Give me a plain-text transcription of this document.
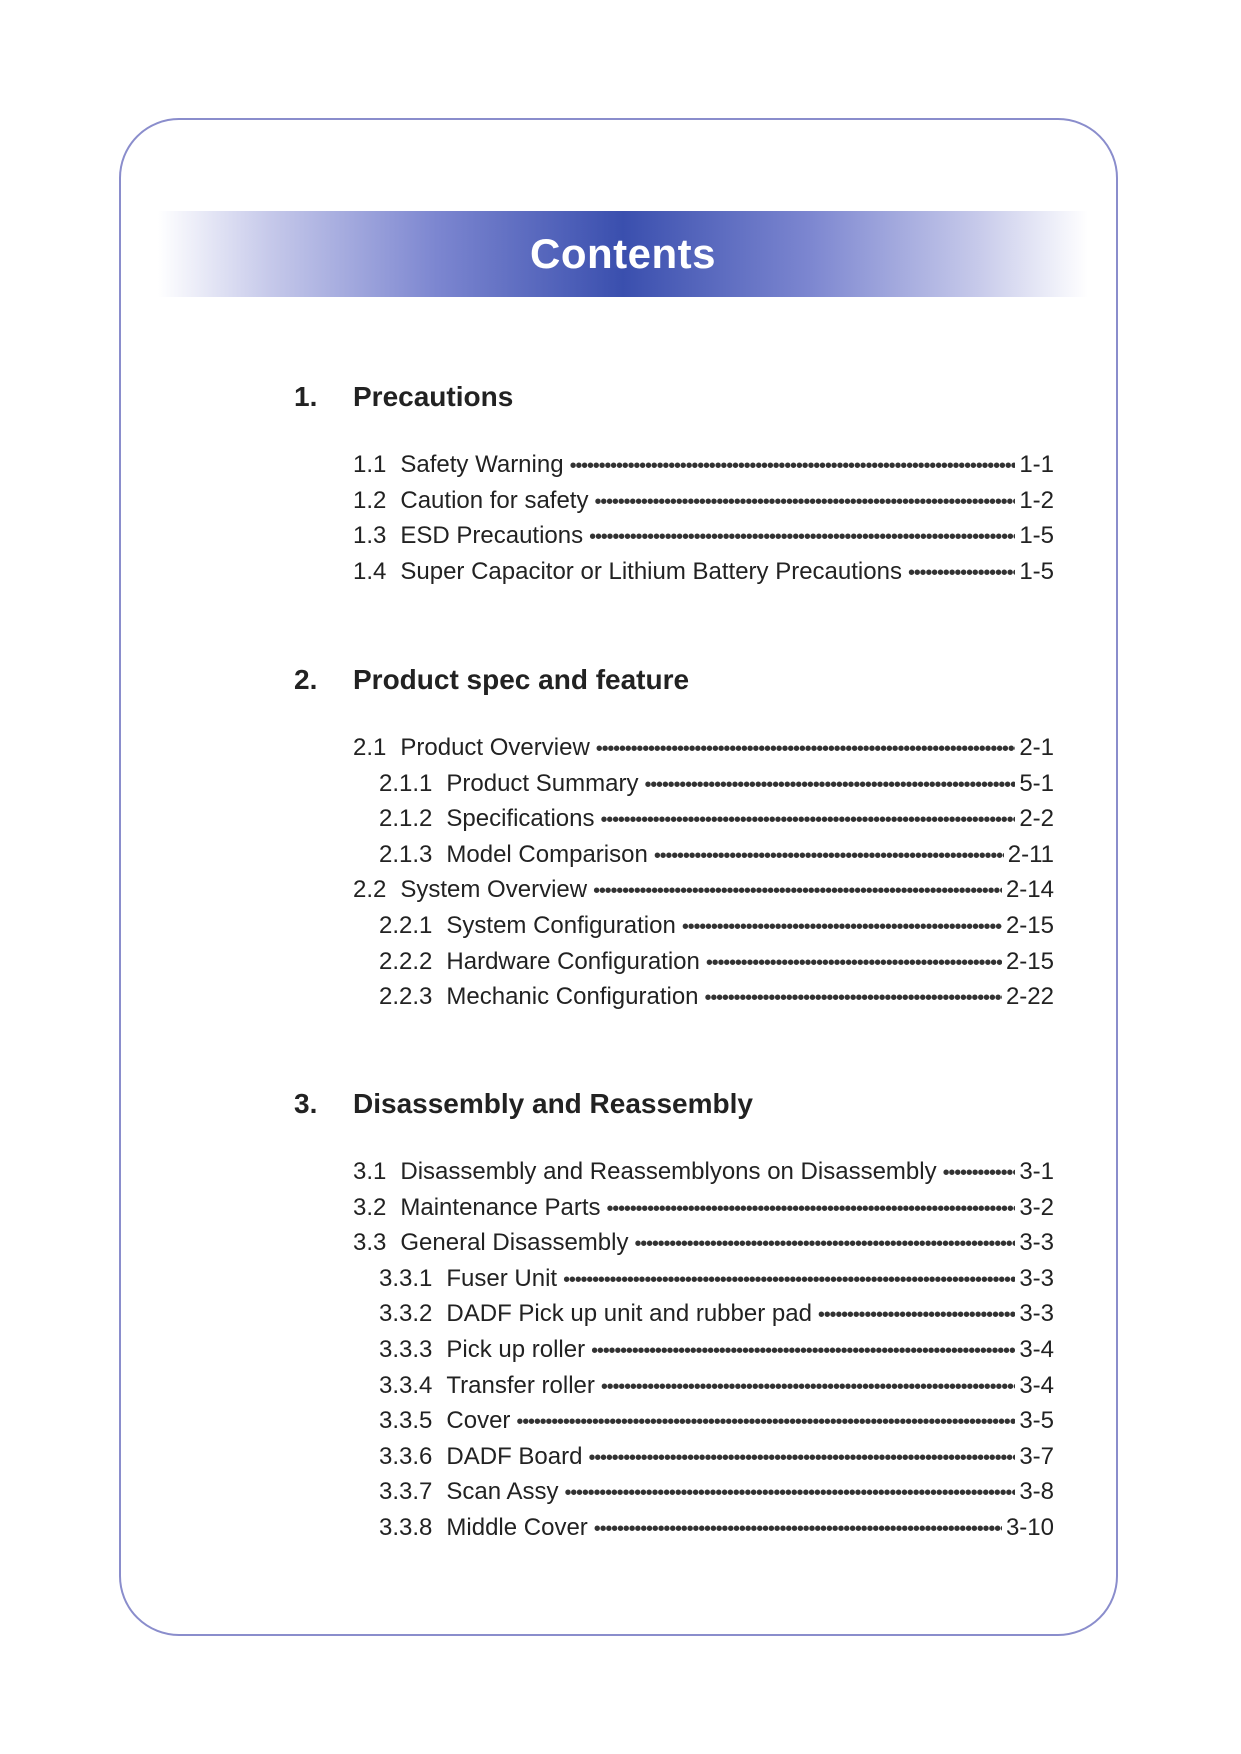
Contents
1.	Precautions
1.1 Safety Warning •••••	1-1
1.2 Caution for safety •••••	1-2
1.3 ESD Precautions •••••	1-5
1.4 Super Capacitor or Lithium Battery Precautions •••••	1-5
2.	Product spec and feature
2.1 Product Overview •••••	2-1
2.1.1 Product Summary •••••	5-1
2.1.2 Specifications •••••	2-2
2.1.3 Model Comparison •••••	2-11
2.2 System Overview •••••	2-14
2.2.1 System Configuration •••••	2-15
2.2.2 Hardware Configuration •••••	2-15
2.2.3 Mechanic Configuration •••••	2-22
3.	Disassembly and Reassembly
3.1 Disassembly and Reassemblyons on Disassembly •••••	3-1
3.2 Maintenance Parts •••••	3-2
3.3 General Disassembly •••••	3-3
3.3.1 Fuser Unit •••••	3-3
3.3.2 DADF Pick up unit and rubber pad •••••	3-3
3.3.3 Pick up roller •••••	3-4
3.3.4 Transfer roller •••••	3-4
3.3.5 Cover •••••	3-5
3.3.6 DADF Board •••••	3-7
3.3.7 Scan Assy •••••	3-8
3.3.8 Middle Cover •••••	3-10
